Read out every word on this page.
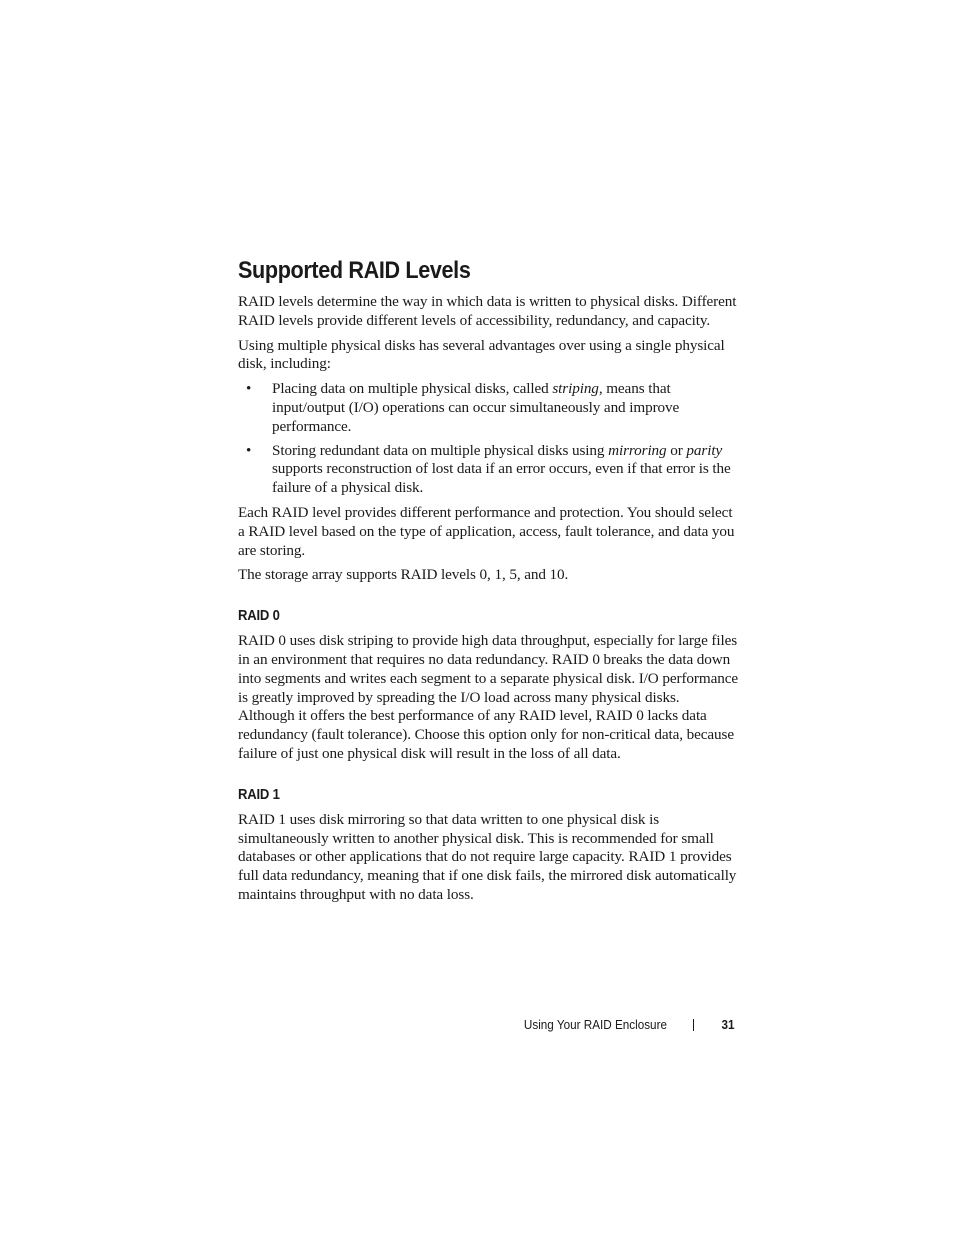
Supported RAID Levels

RAID levels determine the way in which data is written to physical disks. Different RAID levels provide different levels of accessibility, redundancy, and capacity.

Using multiple physical disks has several advantages over using a single physical disk, including:

• Placing data on multiple physical disks, called striping, means that input/output (I/O) operations can occur simultaneously and improve performance.
• Storing redundant data on multiple physical disks using mirroring or parity supports reconstruction of lost data if an error occurs, even if that error is the failure of a physical disk.

Each RAID level provides different performance and protection. You should select a RAID level based on the type of application, access, fault tolerance, and data you are storing.

The storage array supports RAID levels 0, 1, 5, and 10.

RAID 0

RAID 0 uses disk striping to provide high data throughput, especially for large files in an environment that requires no data redundancy. RAID 0 breaks the data down into segments and writes each segment to a separate physical disk. I/O performance is greatly improved by spreading the I/O load across many physical disks. Although it offers the best performance of any RAID level, RAID 0 lacks data redundancy (fault tolerance). Choose this option only for non-critical data, because failure of just one physical disk will result in the loss of all data.

RAID 1

RAID 1 uses disk mirroring so that data written to one physical disk is simultaneously written to another physical disk. This is recommended for small databases or other applications that do not require large capacity. RAID 1 provides full data redundancy, meaning that if one disk fails, the mirrored disk automatically maintains throughput with no data loss.

Using Your RAID Enclosure	31
